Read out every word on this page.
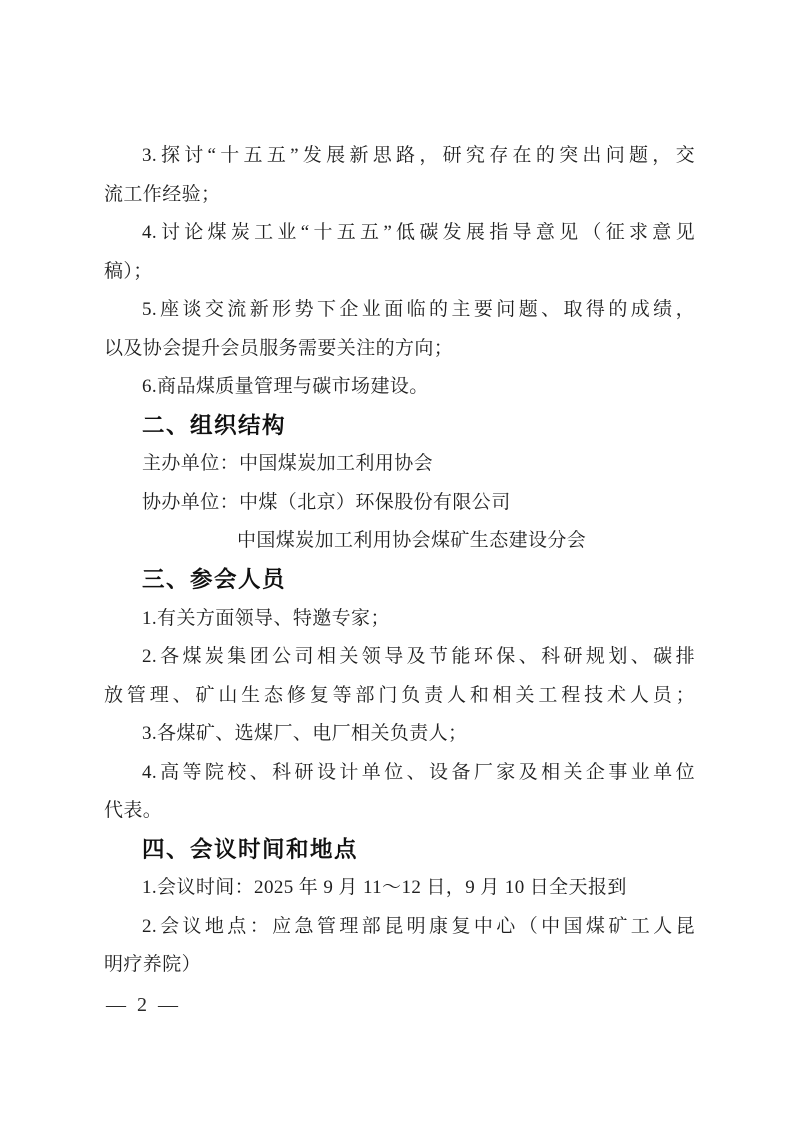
3.探讨“十五五”发展新思路，研究存在的突出问题，交
流工作经验；
4.讨论煤炭工业“十五五”低碳发展指导意见（征求意见
稿）；
5.座谈交流新形势下企业面临的主要问题、取得的成绩，
以及协会提升会员服务需要关注的方向；
6.商品煤质量管理与碳市场建设。
二、组织结构
主办单位：中国煤炭加工利用协会
协办单位：中煤（北京）环保股份有限公司
中国煤炭加工利用协会煤矿生态建设分会
三、参会人员
1.有关方面领导、特邀专家；
2.各煤炭集团公司相关领导及节能环保、科研规划、碳排
放管理、矿山生态修复等部门负责人和相关工程技术人员；
3.各煤矿、选煤厂、电厂相关负责人；
4.高等院校、科研设计单位、设备厂家及相关企事业单位
代表。
四、会议时间和地点
1.会议时间：2025 年 9 月 11～12 日，9 月 10 日全天报到
2.会议地点：应急管理部昆明康复中心（中国煤矿工人昆
明疗养院）
— 2 —
